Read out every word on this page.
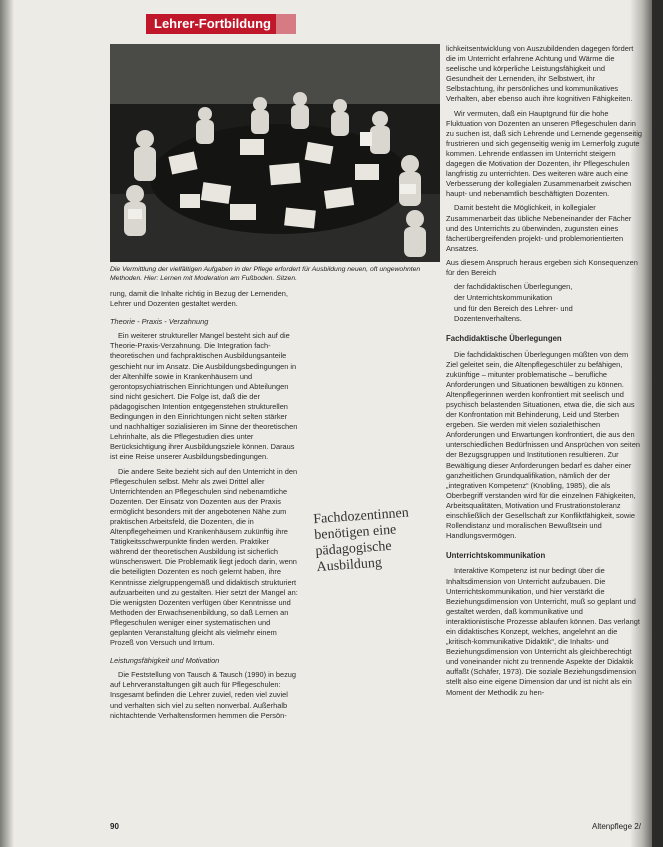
Lehrer-Fortbildung

Die Vermittlung der vielfältigen Aufgaben in der Pflege erfordert für Ausbildung neuen, oft ungewohnten Methoden. Hier: Lernen mit Moderation am Fußboden. Sitzen.

rung, damit die Inhalte richtig in Bezug der Lernenden, Lehrer und Dozenten gestaltet werden.

Theorie - Praxis - Verzahnung

Ein weiterer struktureller Mangel besteht sich auf die Theorie-Praxis-Verzahnung. Die Integration fach-theoretischen und fachpraktischen Ausbildungsanteile geschieht nur im Ansatz. Die Ausbildungsbedingungen in der Altenhilfe sowie in Krankenhäusern und gerontopsychiatrischen Einrichtungen und Abteilungen sind nicht gesichert. Die Folge ist, daß die der pädagogischen Intention entgegenstehen strukturellen Bedingungen in den Einrichtungen nicht selten stärker und nachhaltiger sozialisieren im Sinne der theoretischen Lehrinhalte, als die Pflegestudien dies unter Berücksichtigung ihrer Ausbildungsziele können. Daraus ist eine Reise unserer Ausbildungsbedingungen.

Die andere Seite bezieht sich auf den Unterricht in den Pflegeschulen selbst. Mehr als zwei Drittel aller Unterrichtenden an Pflegeschulen sind nebenamtliche Dozenten. Der Einsatz von Dozenten aus der Praxis ermöglicht besonders mit der angebotenen Nähe zum praktischen Arbeitsfeld, die Dozenten, die in Altenpflegeheimen und Krankenhäusern zukünftig ihre Tätigkeitsschwerpunkte finden werden. Praktiker während der theoretischen Ausbildung ist sicherlich wünschenswert. Die Problematik liegt jedoch darin, wenn die beteiligten Dozenten es noch gelernt haben, ihre Kenntnisse zielgruppengemäß und didaktisch strukturiert aufzuarbeiten und zu gestalten. Hier setzt der Mangel an: Die wenigsten Dozenten verfügen über Kenntnisse und Methoden der Erwachsenenbildung, so daß Lernen an Pflegeschulen weniger einer systematischen und geplanten Veranstaltung gleicht als vielmehr einem Prozeß von Versuch und Irrtum.

Leistungsfähigkeit und Motivation

Die Feststellung von Tausch & Tausch (1990) in bezug auf Lehrveranstaltungen gilt auch für Pflegeschulen: Insgesamt befinden die Lehrer zuviel, reden viel zuviel und verhalten sich viel zu selten nonverbal. Außerhalb nichtachtende Verhaltensformen hemmen die Persön-

Fachdozentinnen benötigen eine pädagogische Ausbildung

lichkeitsentwicklung von Auszubildenden dagegen fördert die im Unterricht erfahrene Achtung und Wärme die seelische und körperliche Leistungsfähigkeit und Gesundheit der Lernenden, ihr Selbstwert, ihr Selbstachtung, ihr persönliches und kommunikatives Verhalten, aber ebenso auch ihre kognitiven Fähigkeiten.

Wir vermuten, daß ein Hauptgrund für die hohe Fluktuation von Dozenten an unseren Pflegeschulen darin zu suchen ist, daß sich Lehrende und Lernende gegenseitig frustrieren und sich gegenseitig wenig im Lernerfolg zugute kommen. Lehrende entlassen im Unterricht steigern dagegen die Motivation der Dozenten, ihr Pflegeschulen langfristig zu unterrichten. Des weiteren wäre auch eine Verbesserung der kollegialen Zusammenarbeit zwischen haupt- und nebenamtlich beschäftigten Dozenten.

Damit besteht die Möglichkeit, in kollegialer Zusammenarbeit das übliche Nebeneinander der Fächer und des Unterrichts zu überwinden, zugunsten eines fächerübergreifenden projekt- und problemorientierten Ansatzes.

Aus diesem Anspruch heraus ergeben sich Konsequenzen für den Bereich

der fachdidaktischen Überlegungen,
der Unterrichtskommunikation
und für den Bereich des Lehrer- und Dozentenverhaltens.
Fachdidaktische Überlegungen

Die fachdidaktischen Überlegungen müßten von dem Ziel geleitet sein, die Altenpflegeschüler zu befähigen, zukünftige – mitunter problematische – berufliche Anforderungen und Situationen bewältigen zu können. Altenpflegerinnen werden konfrontiert mit seelisch und psychisch belastenden Situationen, etwa die, die sich aus der Konfrontation mit Behinderung, Leid und Sterben ergeben. Sie werden mit vielen sozialethischen Anforderungen und Erwartungen konfrontiert, die aus den unterschiedlichen Bedürfnissen und Ansprüchen von seiten der Bezugsgruppen und Institutionen resultieren. Zur Bewältigung dieser Anforderungen bedarf es daher einer ganzheitlichen Grundqualifikation, nämlich der der „integrativen Kompetenz“ (Knobling, 1985), die als Oberbegriff verstanden wird für die einzelnen Fähigkeiten, Arbeitsqualitäten, Motivation und Frustrationstoleranz einschließlich der Gesellschaft zur Konfliktfähigkeit, sowie Rollendistanz und moralischen Bewußtsein und Handlungsvermögen.

Unterrichtskommunikation

Interaktive Kompetenz ist nur bedingt über die Inhaltsdimension von Unterricht aufzubauen. Die Unterrichtskommunikation, und hier verstärkt die Beziehungsdimension von Unterricht, muß so geplant und gestaltet werden, daß kommunikative und interaktionistische Prozesse ablaufen können. Das verlangt ein didaktisches Konzept, welches, angelehnt an die „kritisch-kommunikative Didaktik“, die Inhalts- und Beziehungsdimension von Unterricht als gleichberechtigt und voneinander nicht zu trennende Aspekte der Didaktik auffaßt (Schäfer, 1973). Die soziale Beziehungsdimension stellt also eine eigene Dimension dar und ist nicht als ein Moment der Methodik zu hen-

90	Altenpflege 2/
